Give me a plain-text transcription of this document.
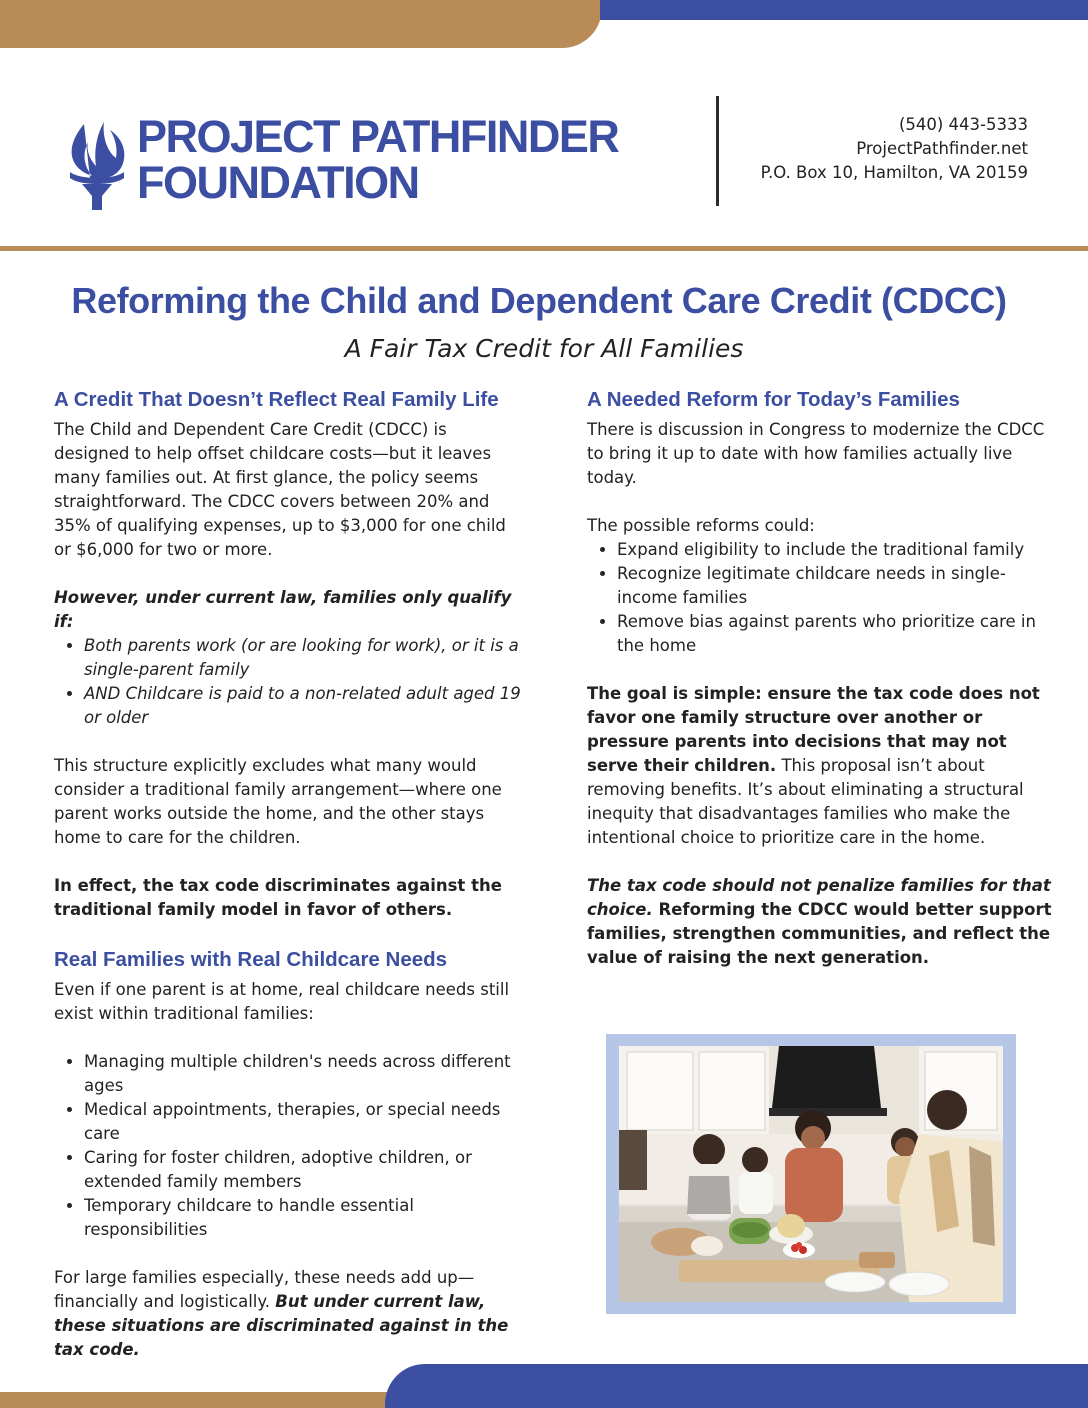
PROJECT PATHFINDER
FOUNDATION
(540) 443-5333
ProjectPathfinder.net
P.O. Box 10, Hamilton, VA 20159
Reforming the Child and Dependent Care Credit (CDCC)
A Fair Tax Credit for All Families
A Credit That Doesn’t Reflect Real Family Life

The Child and Dependent Care Credit (CDCC) is designed to help offset childcare costs—but it leaves many families out. At first glance, the policy seems straightforward. The CDCC covers between 20% and 35% of qualifying expenses, up to $3,000 for one child or $6,000 for two or more.

However, under current law, families only qualify if:
• Both parents work (or are looking for work), or it is a single-parent family
• AND Childcare is paid to a non-related adult aged 19 or older

This structure explicitly excludes what many would consider a traditional family arrangement—where one parent works outside the home, and the other stays home to care for the children.

In effect, the tax code discriminates against the traditional family model in favor of others.

Real Families with Real Childcare Needs

Even if one parent is at home, real childcare needs still exist within traditional families:

• Managing multiple children's needs across different ages
• Medical appointments, therapies, or special needs care
• Caring for foster children, adoptive children, or extended family members
• Temporary childcare to handle essential responsibilities

For large families especially, these needs add up—financially and logistically. But under current law, these situations are discriminated against in the tax code.

A Needed Reform for Today’s Families

There is discussion in Congress to modernize the CDCC to bring it up to date with how families actually live today.

The possible reforms could:
• Expand eligibility to include the traditional family
• Recognize legitimate childcare needs in single-income families
• Remove bias against parents who prioritize care in the home

The goal is simple: ensure the tax code does not favor one family structure over another or pressure parents into decisions that may not serve their children. This proposal isn’t about removing benefits. It’s about eliminating a structural inequity that disadvantages families who make the intentional choice to prioritize care in the home.

The tax code should not penalize families for that choice. Reforming the CDCC would better support families, strengthen communities, and reflect the value of raising the next generation.
